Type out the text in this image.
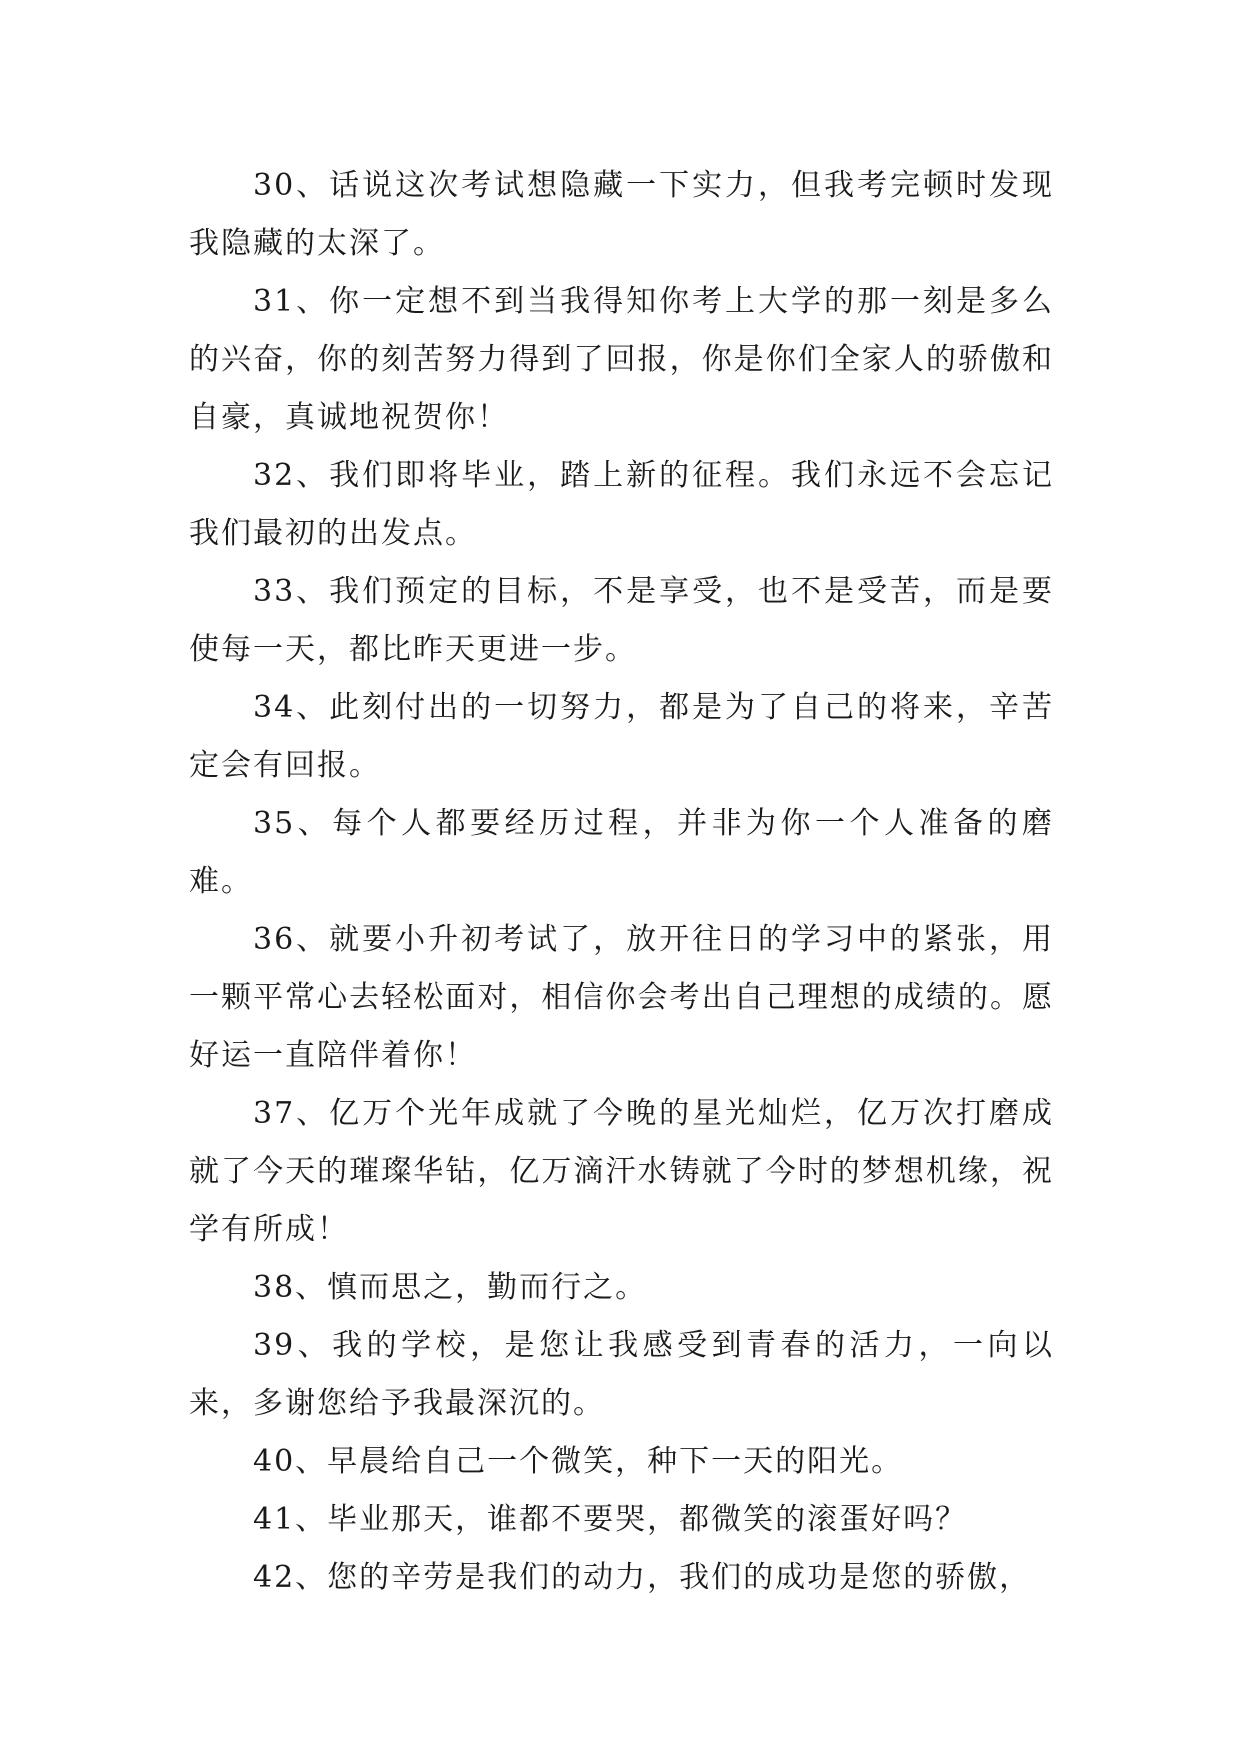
30、话说这次考试想隐藏一下实力，但我考完顿时发现我隐藏的太深了。

31、你一定想不到当我得知你考上大学的那一刻是多么的兴奋，你的刻苦努力得到了回报，你是你们全家人的骄傲和自豪，真诚地祝贺你！

32、我们即将毕业，踏上新的征程。我们永远不会忘记我们最初的出发点。

33、我们预定的目标，不是享受，也不是受苦，而是要使每一天，都比昨天更进一步。

34、此刻付出的一切努力，都是为了自己的将来，辛苦定会有回报。

35、每个人都要经历过程，并非为你一个人准备的磨难。

36、就要小升初考试了，放开往日的学习中的紧张，用一颗平常心去轻松面对，相信你会考出自己理想的成绩的。愿好运一直陪伴着你！

37、亿万个光年成就了今晚的星光灿烂，亿万次打磨成就了今天的璀璨华钻，亿万滴汗水铸就了今时的梦想机缘，祝学有所成！

38、慎而思之，勤而行之。

39、我的学校，是您让我感受到青春的活力，一向以来，多谢您给予我最深沉的。

40、早晨给自己一个微笑，种下一天的阳光。

41、毕业那天，谁都不要哭，都微笑的滚蛋好吗？

42、您的辛劳是我们的动力，我们的成功是您的骄傲，
